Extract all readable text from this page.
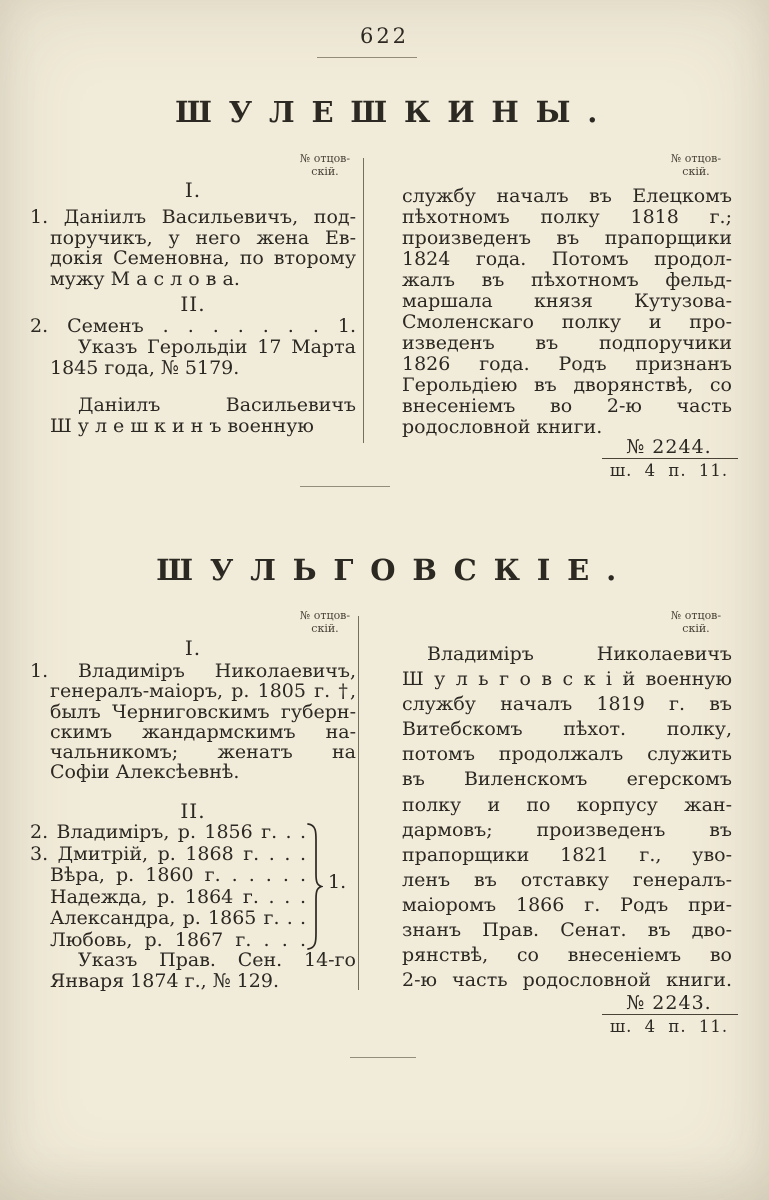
622
ШУЛЕШКИНЫ.
№ отцов-
скій.
№ отцов-
скій.
I.
1. Даніилъ Васильевичъ, под-
поручикъ, у него жена Ев-
докія Семеновна, по второму
мужу М а с л о в а.
II.
2. Семенъ . . . . . . . 1.
Указъ Герольдіи 17 Марта
1845 года, № 5179.
Даніилъ Васильевичъ
Ш у л е ш к и н ъ военную
службу началъ въ Елецкомъ
пѣхотномъ полку 1818 г.;
произведенъ въ прапорщики
1824 года. Потомъ продол-
жалъ въ пѣхотномъ фельд-
маршала князя Кутузова-
Смоленскаго полку и про-
изведенъ въ подпоручики
1826 года. Родъ признанъ
Герольдіею въ дворянствѣ, со
внесеніемъ во 2-ю часть
родословной книги.
№ 2244.
ш. 4 п. 11.
ШУЛЬГОВСКІЕ.
№ отцов-
скій.
№ отцов-
скій.
I.
1. Владиміръ Николаевичъ,
генералъ-маіоръ, р. 1805 г. †,
былъ Черниговскимъ губерн-
скимъ жандармскимъ на-
чальникомъ; женатъ на
Софіи Алексѣевнѣ.
II.
2. Владиміръ, р. 1856 г. . .
3. Дмитрій, р. 1868 г. . . .
Вѣра, р. 1860 г. . . . . .
Надежда, р. 1864 г. . . .
Александра, р. 1865 г. . .
Любовь, р. 1867 г. . . .
1.
Указъ Прав. Сен. 14-го
Января 1874 г., № 129.
Владиміръ Николаевичъ
Ш у л ь г о в с к і й военную
службу началъ 1819 г. въ
Витебскомъ пѣхот. полку,
потомъ продолжалъ служить
въ Виленскомъ егерскомъ
полку и по корпусу жан-
дармовъ; произведенъ въ
прапорщики 1821 г., уво-
ленъ въ отставку генералъ-
маіоромъ 1866 г. Родъ при-
знанъ Прав. Сенат. въ дво-
рянствѣ, со внесеніемъ во
2-ю часть родословной книги.
№ 2243.
ш. 4 п. 11.
